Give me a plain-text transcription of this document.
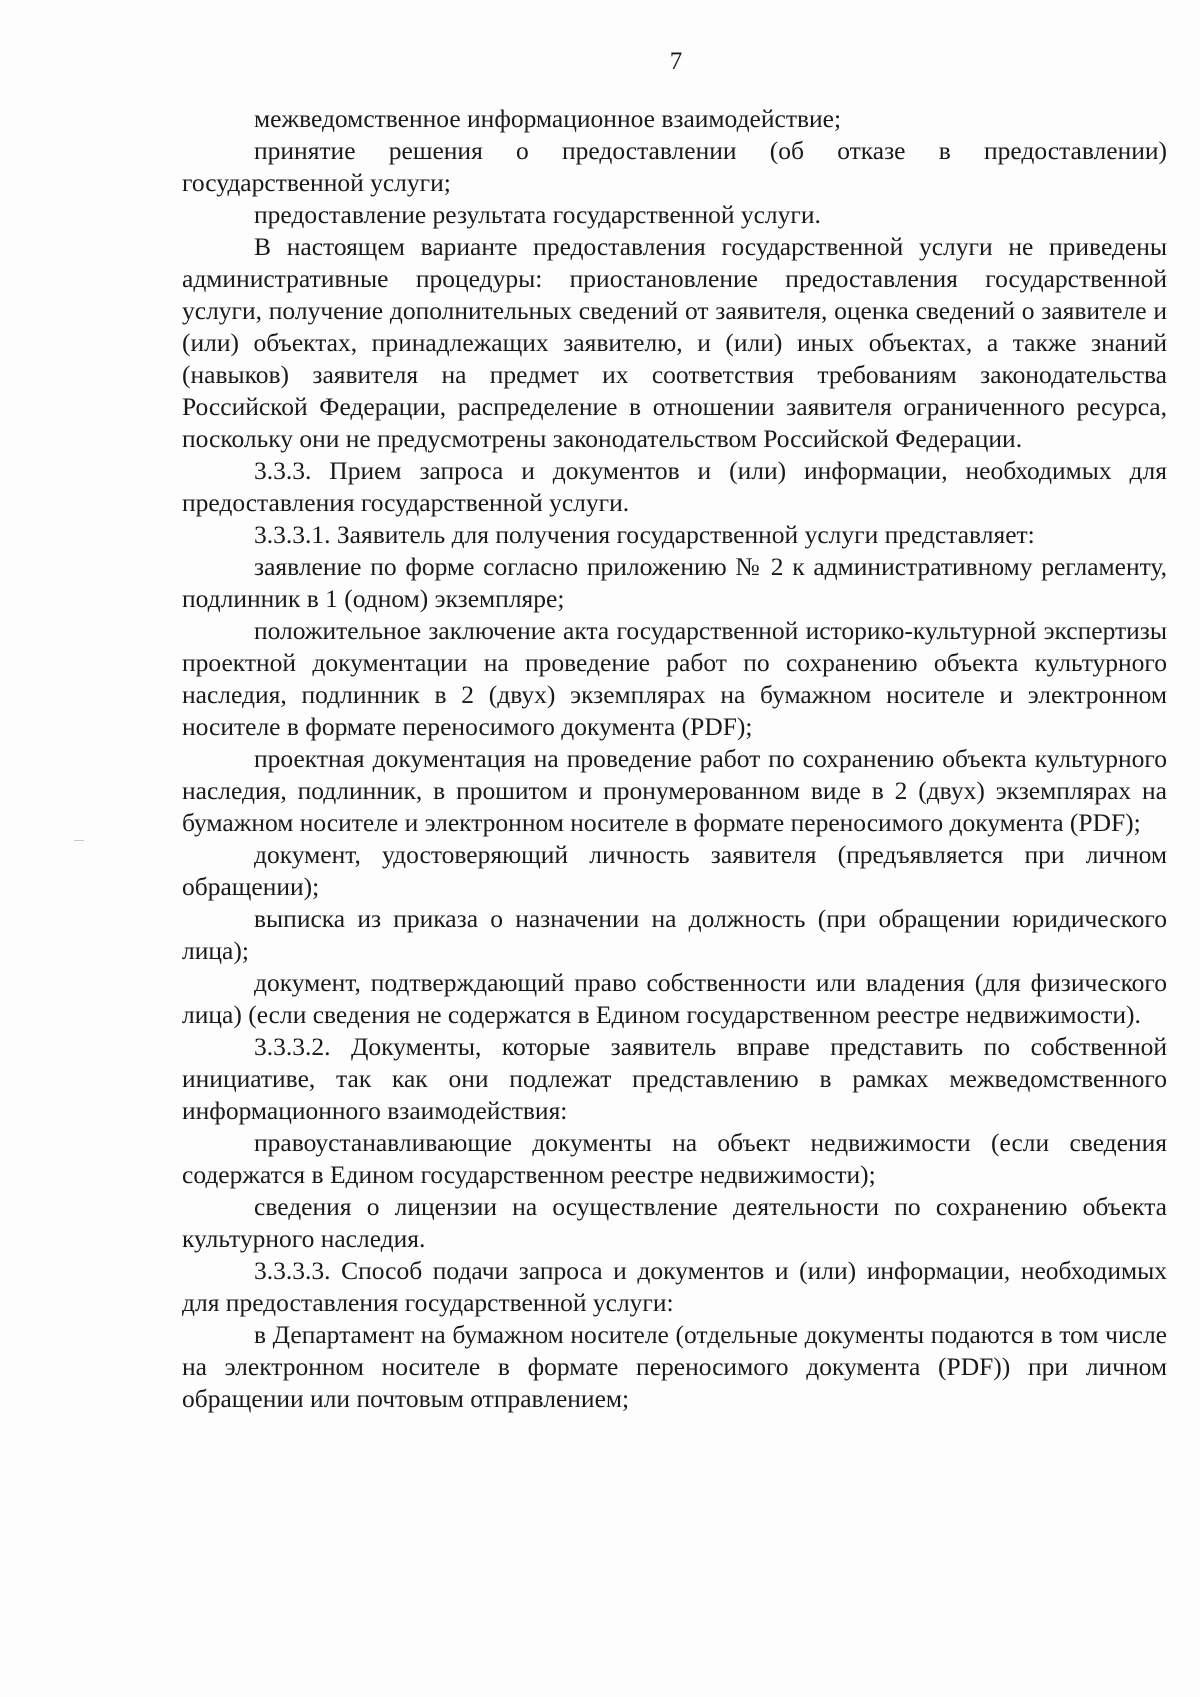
7

межведомственное информационное взаимодействие;

принятие решения о предоставлении (об отказе в предоставлении) государственной услуги;

предоставление результата государственной услуги.

В настоящем варианте предоставления государственной услуги не приведены административные процедуры: приостановление предоставления государственной услуги, получение дополнительных сведений от заявителя, оценка сведений о заявителе и (или) объектах, принадлежащих заявителю, и (или) иных объектах, а также знаний (навыков) заявителя на предмет их соответствия требованиям законодательства Российской Федерации, распределение в отношении заявителя ограниченного ресурса, поскольку они не предусмотрены законодательством Российской Федерации.

3.3.3. Прием запроса и документов и (или) информации, необходимых для предоставления государственной услуги.

3.3.3.1. Заявитель для получения государственной услуги представляет:

заявление по форме согласно приложению № 2 к административному регламенту, подлинник в 1 (одном) экземпляре;

положительное заключение акта государственной историко-культурной экспертизы проектной документации на проведение работ по сохранению объекта культурного наследия, подлинник в 2 (двух) экземплярах на бумажном носителе и электронном носителе в формате переносимого документа (PDF);

проектная документация на проведение работ по сохранению объекта культурного наследия, подлинник, в прошитом и пронумерованном виде в 2 (двух) экземплярах на бумажном носителе и электронном носителе в формате переносимого документа (PDF);

документ, удостоверяющий личность заявителя (предъявляется при личном обращении);

выписка из приказа о назначении на должность (при обращении юридического лица);

документ, подтверждающий право собственности или владения (для физического лица) (если сведения не содержатся в Едином государственном реестре недвижимости).

3.3.3.2. Документы, которые заявитель вправе представить по собственной инициативе, так как они подлежат представлению в рамках межведомственного информационного взаимодействия:

правоустанавливающие документы на объект недвижимости (если сведения содержатся в Едином государственном реестре недвижимости);

сведения о лицензии на осуществление деятельности по сохранению объекта культурного наследия.

3.3.3.3. Способ подачи запроса и документов и (или) информации, необходимых для предоставления государственной услуги:

в Департамент на бумажном носителе (отдельные документы подаются в том числе на электронном носителе в формате переносимого документа (PDF)) при личном обращении или почтовым отправлением;
